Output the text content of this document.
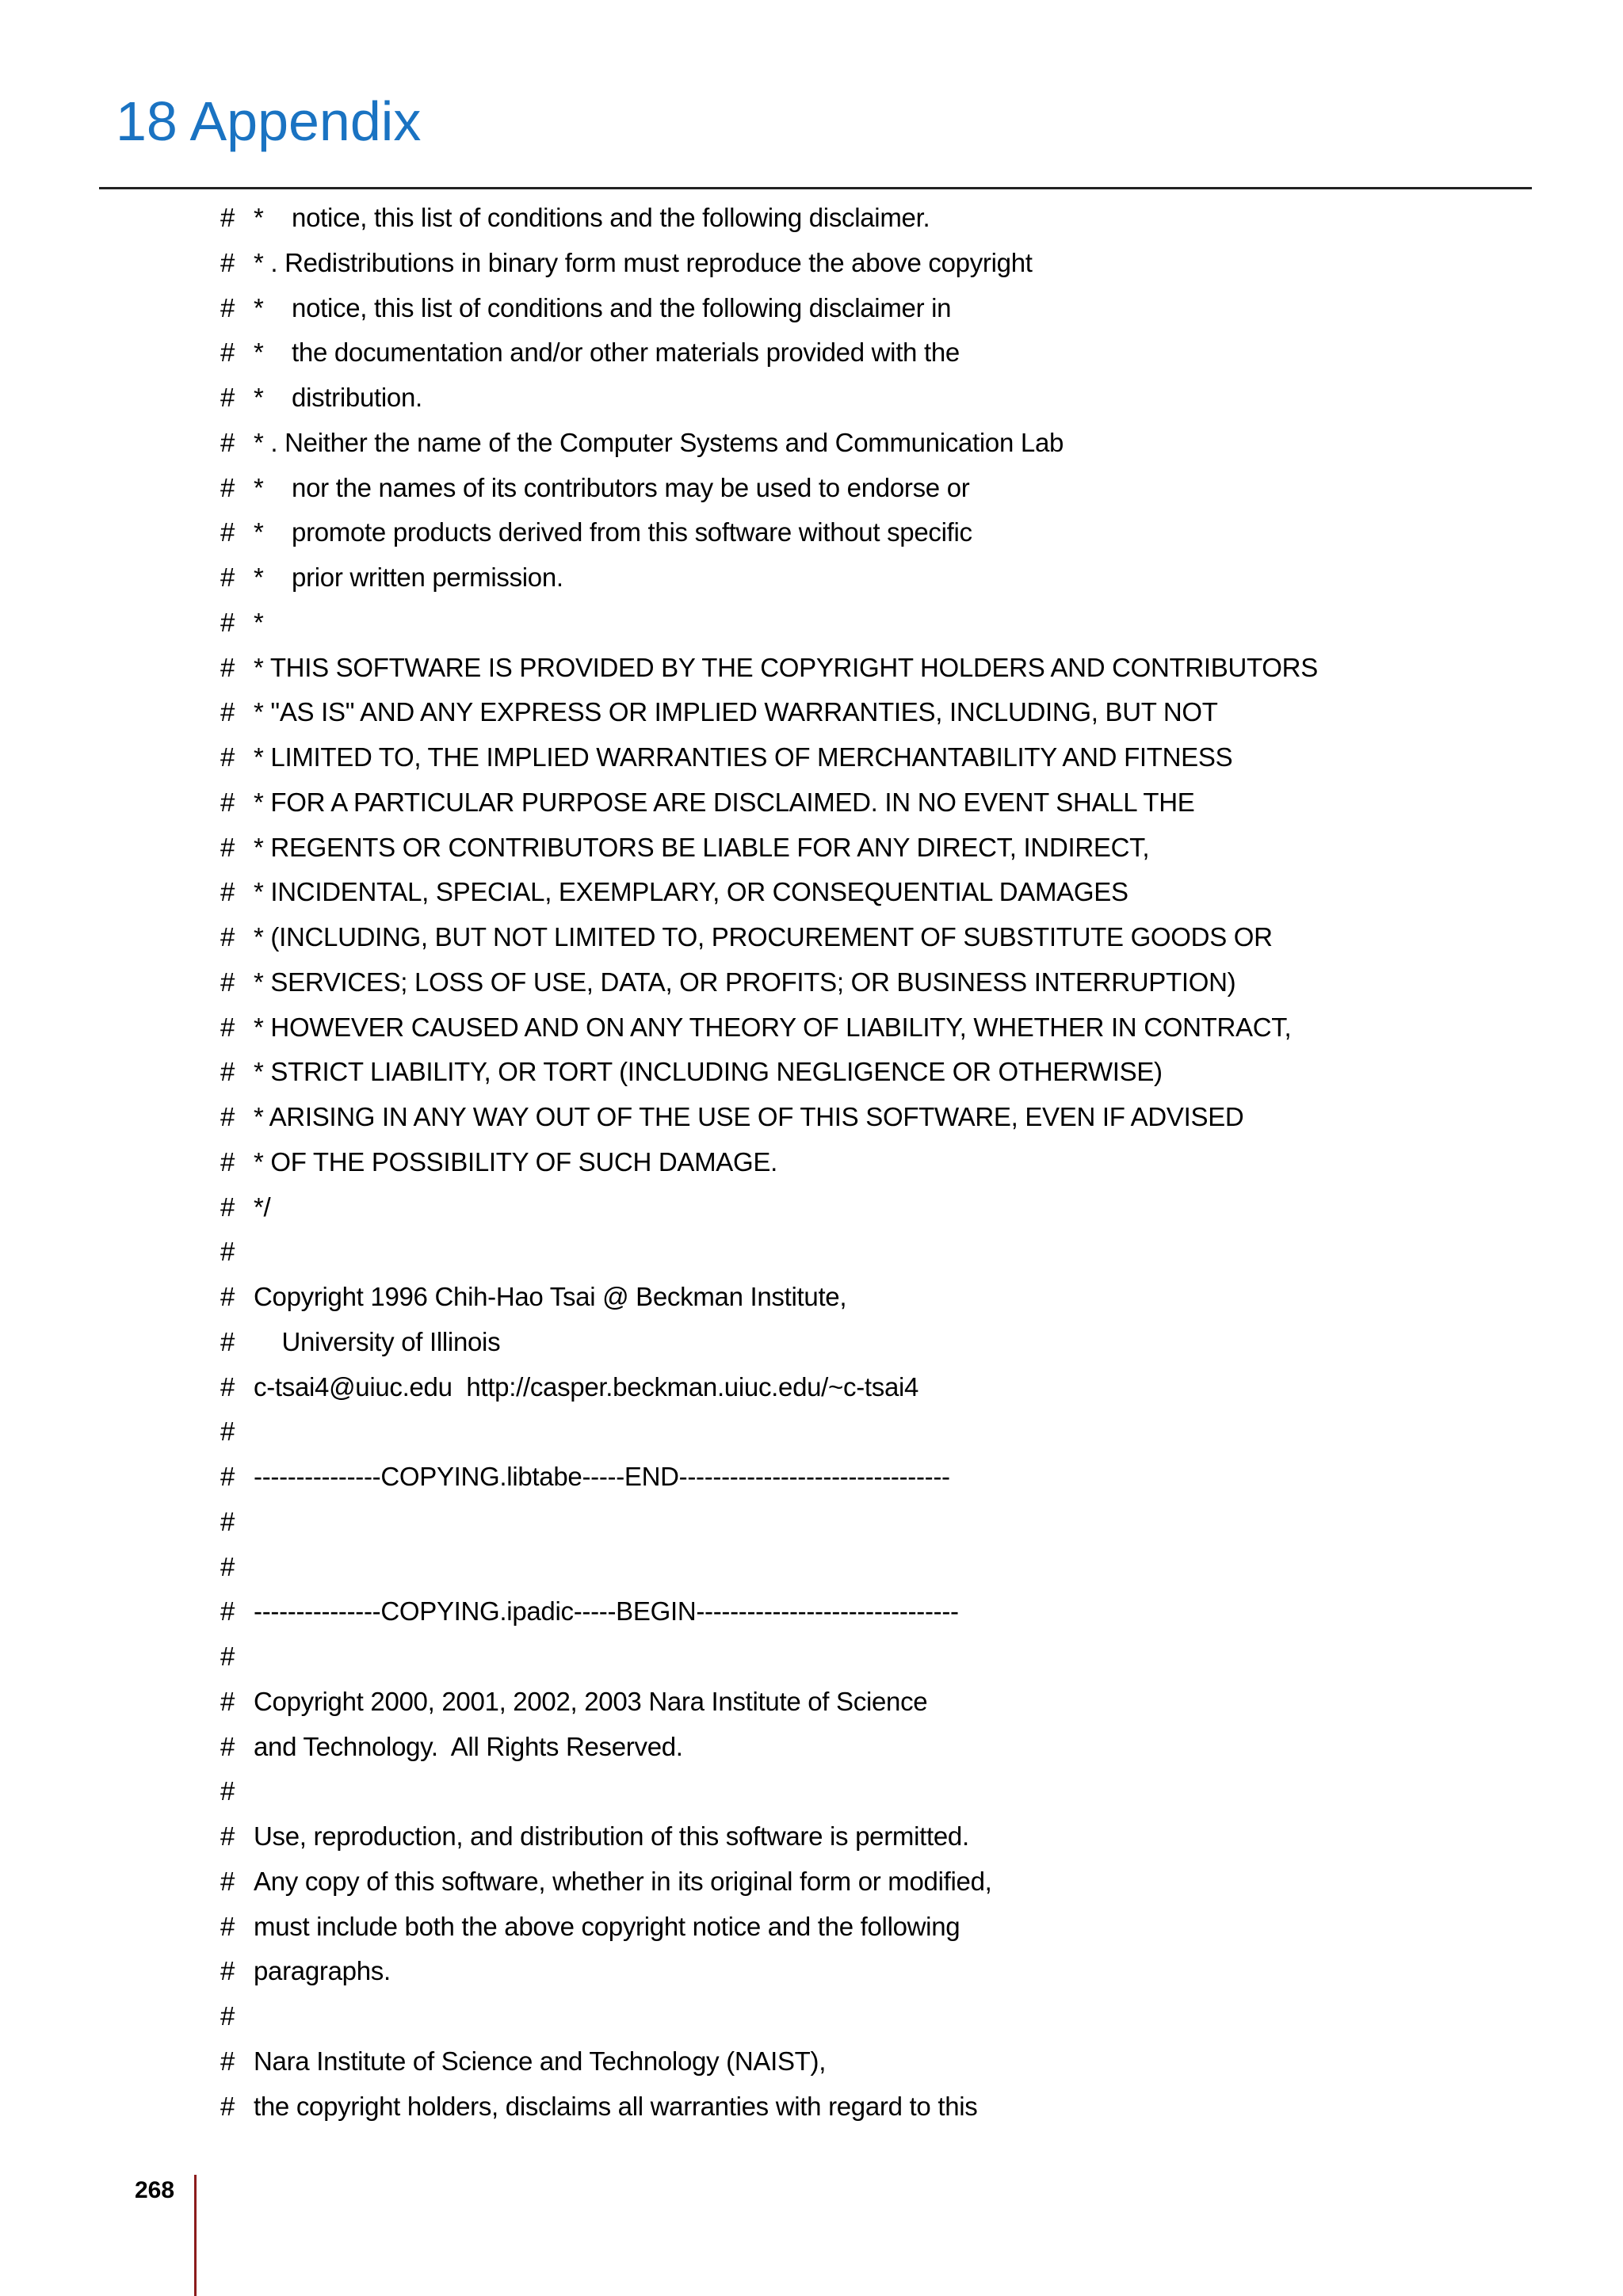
18 Appendix
# *    notice, this list of conditions and the following disclaimer.
# * . Redistributions in binary form must reproduce the above copyright
# *    notice, this list of conditions and the following disclaimer in
# *    the documentation and/or other materials provided with the
# *    distribution.
# * . Neither the name of the Computer Systems and Communication Lab
# *    nor the names of its contributors may be used to endorse or
# *    promote products derived from this software without specific
# *    prior written permission.
# *
# * THIS SOFTWARE IS PROVIDED BY THE COPYRIGHT HOLDERS AND CONTRIBUTORS
# * "AS IS" AND ANY EXPRESS OR IMPLIED WARRANTIES, INCLUDING, BUT NOT
# * LIMITED TO, THE IMPLIED WARRANTIES OF MERCHANTABILITY AND FITNESS
# * FOR A PARTICULAR PURPOSE ARE DISCLAIMED. IN NO EVENT SHALL THE
# * REGENTS OR CONTRIBUTORS BE LIABLE FOR ANY DIRECT, INDIRECT,
# * INCIDENTAL, SPECIAL, EXEMPLARY, OR CONSEQUENTIAL DAMAGES
# * (INCLUDING, BUT NOT LIMITED TO, PROCUREMENT OF SUBSTITUTE GOODS OR
# * SERVICES; LOSS OF USE, DATA, OR PROFITS; OR BUSINESS INTERRUPTION)
# * HOWEVER CAUSED AND ON ANY THEORY OF LIABILITY, WHETHER IN CONTRACT,
# * STRICT LIABILITY, OR TORT (INCLUDING NEGLIGENCE OR OTHERWISE)
# * ARISING IN ANY WAY OUT OF THE USE OF THIS SOFTWARE, EVEN IF ADVISED
# * OF THE POSSIBILITY OF SUCH DAMAGE.
# */
#
# Copyright 1996 Chih-Hao Tsai @ Beckman Institute,
#    University of Illinois
# c-tsai4@uiuc.edu  http://casper.beckman.uiuc.edu/~c-tsai4
#
# ---------------COPYING.libtabe-----END--------------------------------
#
#
# ---------------COPYING.ipadic-----BEGIN-------------------------------
#
# Copyright 2000, 2001, 2002, 2003 Nara Institute of Science
# and Technology.  All Rights Reserved.
#
# Use, reproduction, and distribution of this software is permitted.
# Any copy of this software, whether in its original form or modified,
# must include both the above copyright notice and the following
# paragraphs.
#
# Nara Institute of Science and Technology (NAIST),
# the copyright holders, disclaims all warranties with regard to this
268
